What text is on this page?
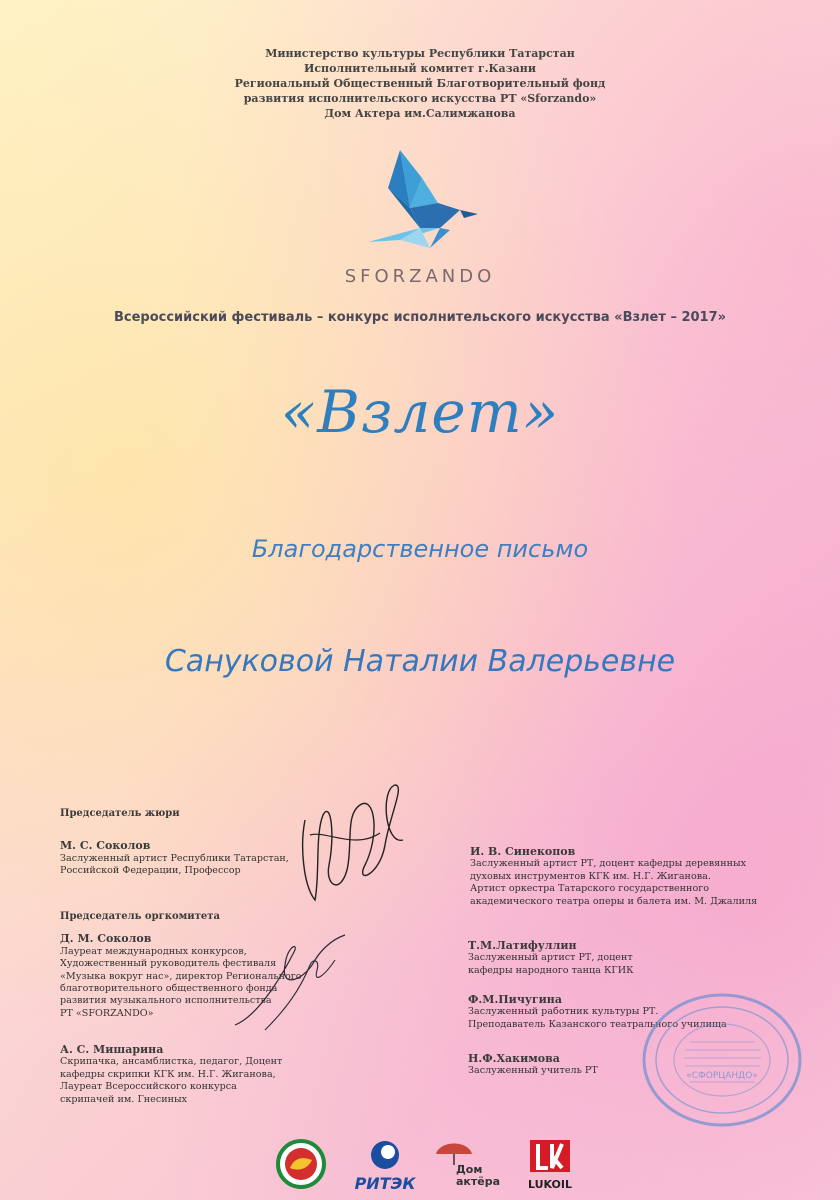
Министерство культуры Республики Татарстан
Исполнительный комитет г.Казани
Региональный Общественный Благотворительный фонд
развития исполнительского искусства РТ «Sforzando»
Дом Актера им.Салимжанова
SFORZANDO
Всероссийский фестиваль – конкурс исполнительского искусства «Взлет – 2017»
«Взлет»
Благодарственное письмо
Сануковой Наталии Валерьевне
Председатель жюри
М. С. Соколов
Заслуженный артист Республики Татарстан,
Российской Федерации, Профессор
Председатель оргкомитета
Д. М. Соколов
Лауреат международных конкурсов,
Художественный руководитель фестиваля
«Музыка вокруг нас», директор Регионального
благотворительного общественного фонда
развития музыкального исполнительства
РТ «SFORZANDO»
А. С. Мишарина
Скрипачка, ансамблистка, педагог, Доцент
кафедры скрипки КГК им. Н.Г. Жиганова,
Лауреат Всероссийского конкурса
скрипачей им. Гнесиных
И. В. Синекопов
Заслуженный артист РТ, доцент кафедры деревянных
духовых инструментов КГК им. Н.Г. Жиганова.
Артист оркестра Татарского государственного
академического театра оперы и балета им. М. Джалиля
Т.М.Латифуллин
Заслуженный артист РТ, доцент
кафедры народного танца КГИК
Ф.М.Пичугина
Заслуженный работник культуры РТ.
Преподаватель Казанского театрального училища
Н.Ф.Хакимова
Заслуженный учитель РТ	«СФОРЦАНДО»
РИТЭК
Дом актёра	LUKOIL
